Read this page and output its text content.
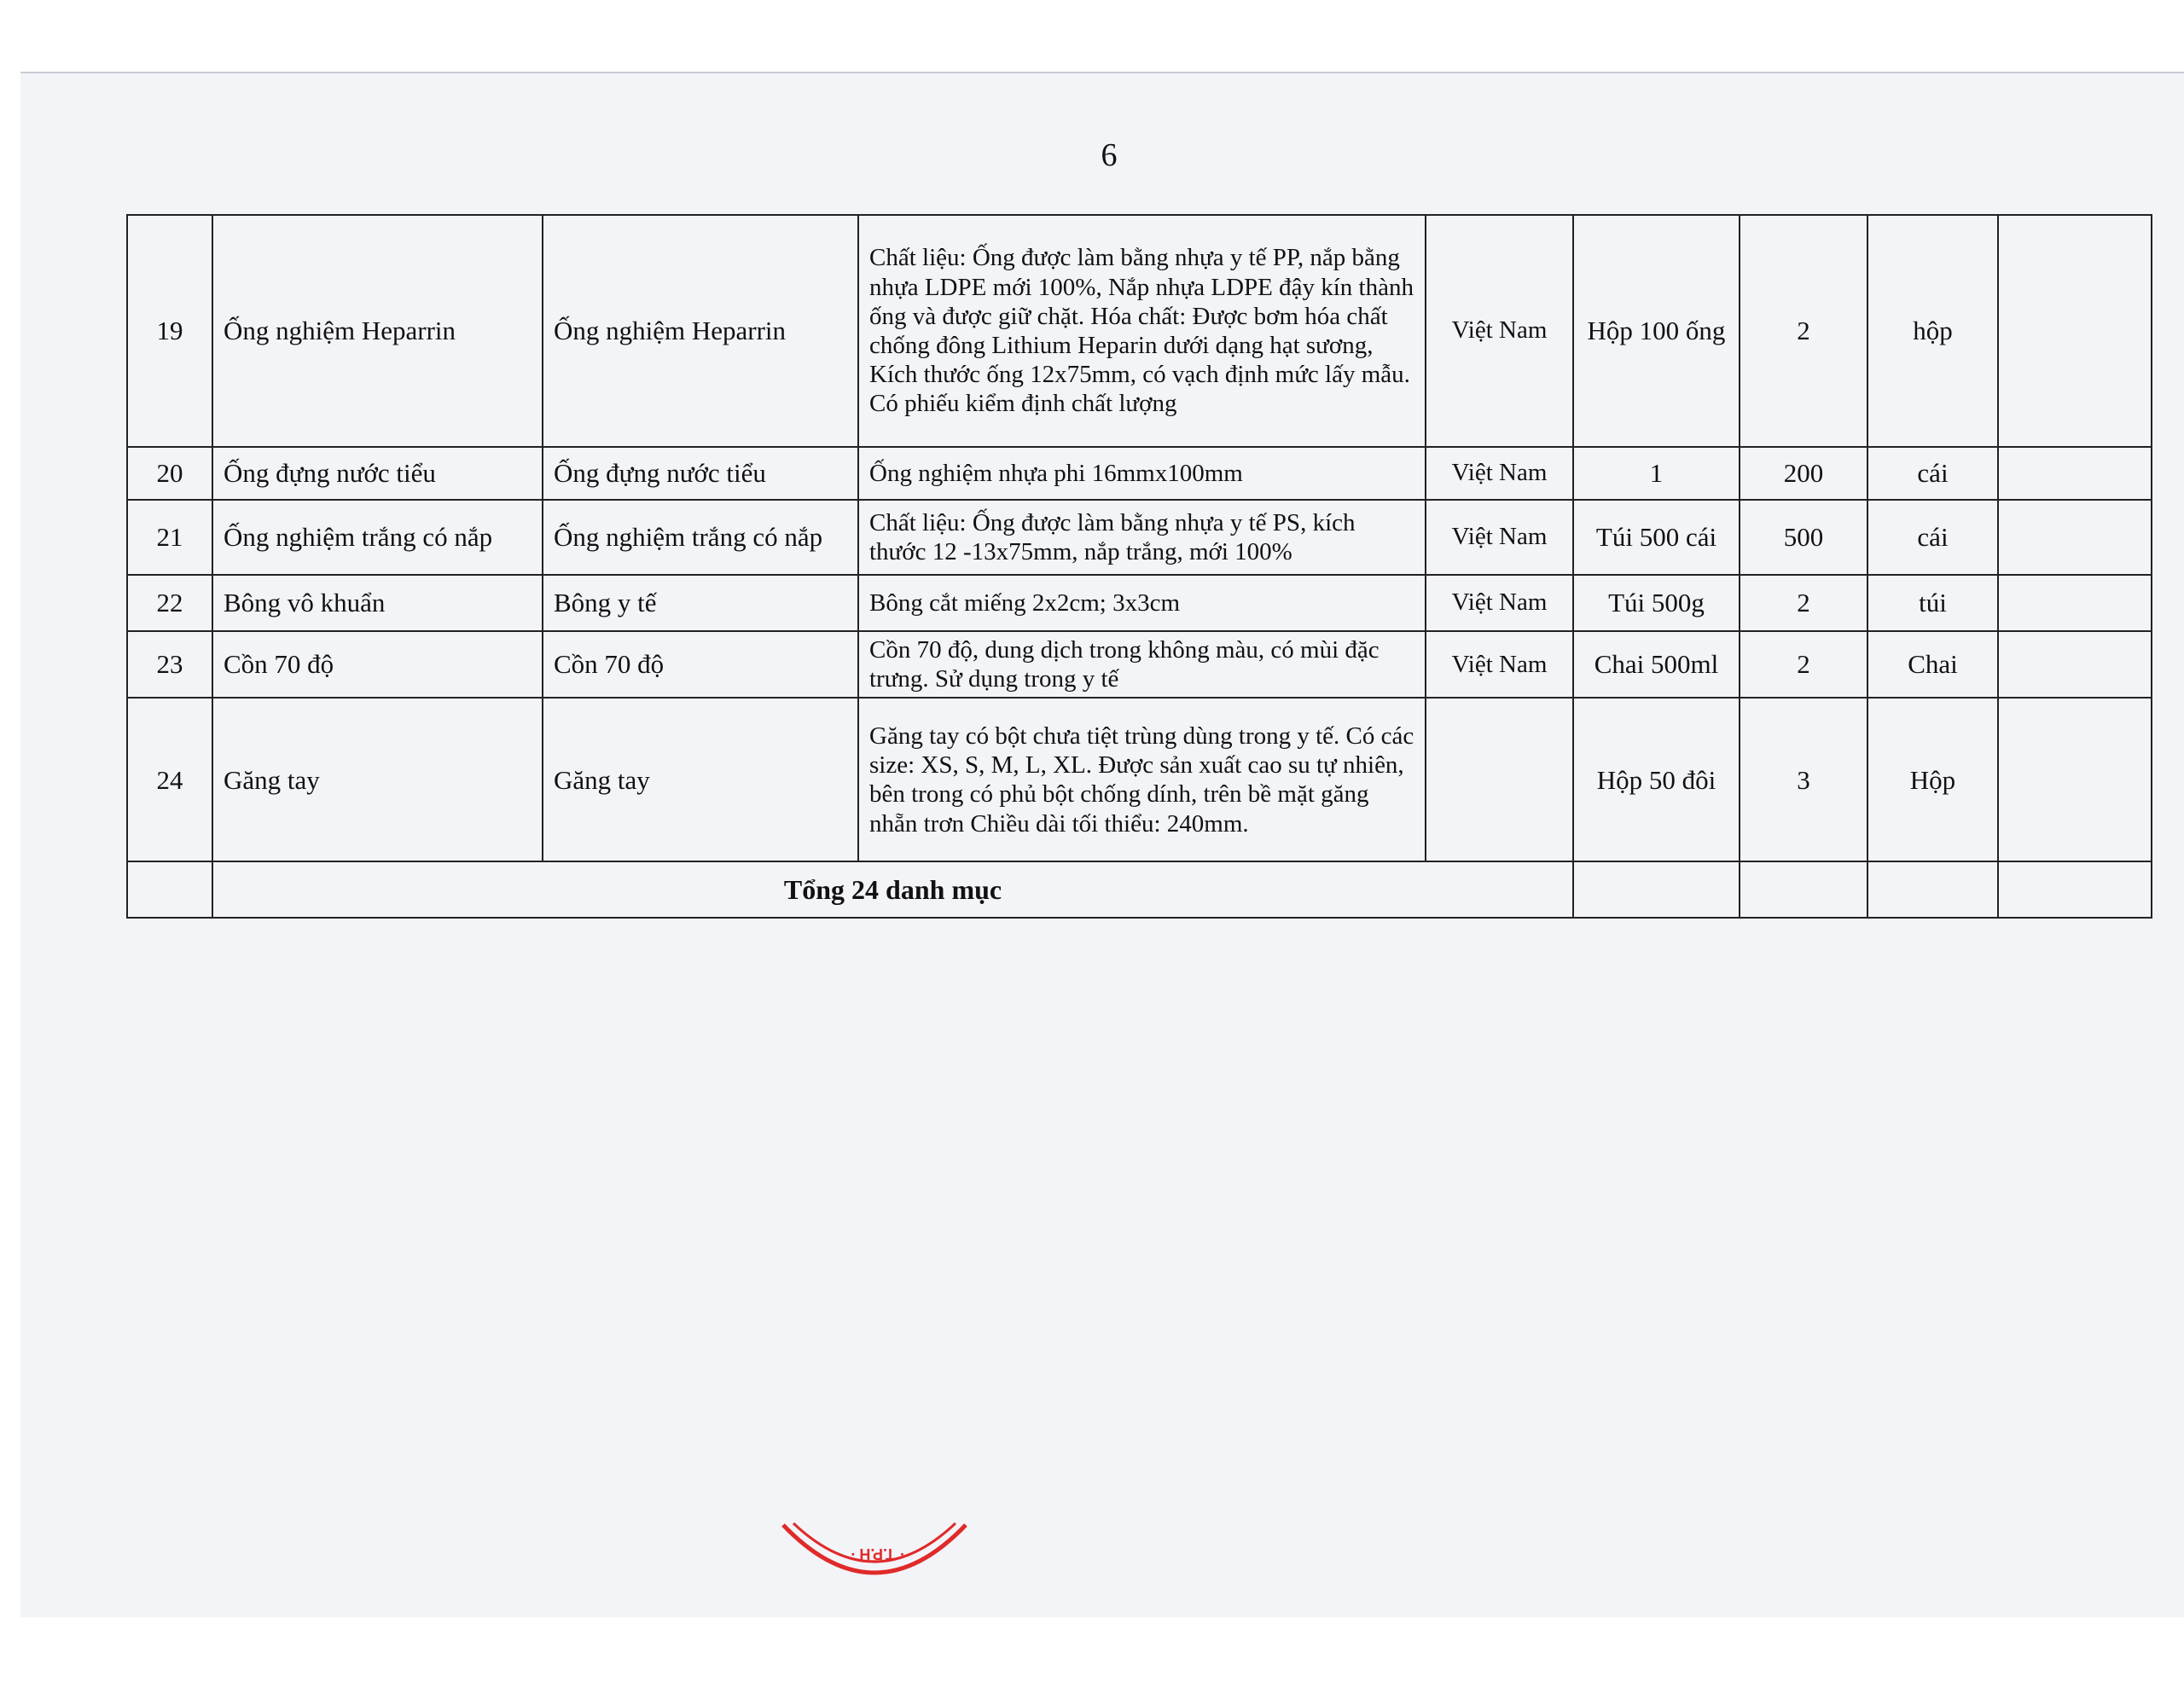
6
19	Ống nghiệm Heparrin	Ống nghiệm Heparrin	Chất liệu: Ống được làm bằng nhựa y tế PP, nắp bằng nhựa LDPE mới 100%, Nắp nhựa LDPE đậy kín thành ống và được giữ chặt. Hóa chất: Được bơm hóa chất chống đông Lithium Heparin dưới dạng hạt sương, Kích thước ống 12x75mm, có vạch định mức lấy mẫu. Có phiếu kiểm định chất lượng	Việt Nam	Hộp 100 ống	2	hộp	
20	Ống đựng nước tiểu	Ống đựng nước tiểu	Ống nghiệm nhựa phi 16mmx100mm	Việt Nam	1	200	cái	
21	Ống nghiệm trắng có nắp	Ống nghiệm trắng có nắp	Chất liệu: Ống được làm bằng nhựa y tế PS, kích thước 12 -13x75mm, nắp trắng, mới 100%	Việt Nam	Túi 500 cái	500	cái	
22	Bông vô khuẩn	Bông y tế	Bông cắt miếng 2x2cm; 3x3cm	Việt Nam	Túi 500g	2	túi	
23	Cồn 70 độ	Cồn 70 độ	Cồn 70 độ, dung dịch trong không màu, có mùi đặc trưng. Sử dụng trong y tế	Việt Nam	Chai 500ml	2	Chai	
24	Găng tay	Găng tay	Găng tay có bột chưa tiệt trùng dùng trong y tế. Có các size: XS, S, M, L, XL. Được sản xuất cao su tự nhiên, bên trong có phủ bột chống dính, trên bề mặt găng nhẵn trơn Chiều dài tối thiểu: 240mm.		Hộp 50 đôi	3	Hộp	
	Tổng 24 danh mục							
· T.P.H ·
